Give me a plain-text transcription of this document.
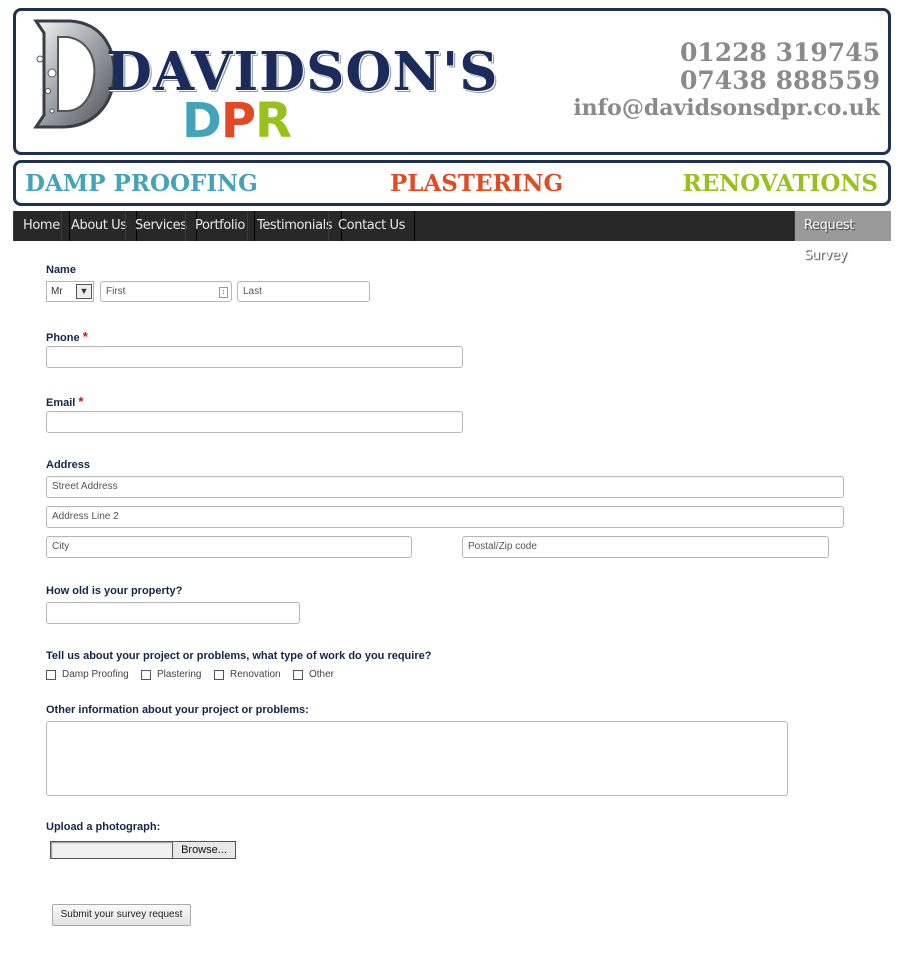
DAVIDSON'S
DPR
01228 319745
07438 888559
info@davidsonsdpr.co.uk
DAMP PROOFING	PLASTERING	RENOVATIONS
Home About Us Services Portfolio Testimonials Contact Us	Request Survey
Name
Mr	▼	First	↕	Last
Phone *
Email *
Address
Street Address
Address Line 2
City	Postal/Zip code
How old is your property?
Tell us about your project or problems, what type of work do you require?
Damp Proofing	Plastering	Renovation	Other
Other information about your project or problems:
Upload a photograph:
Browse...
Submit your survey request
